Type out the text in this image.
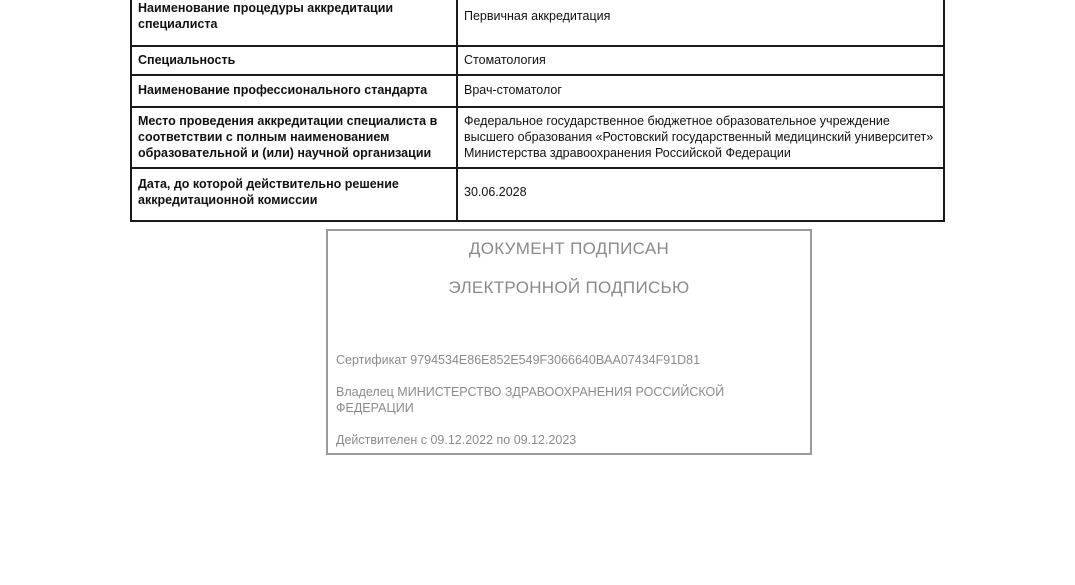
Наименование процедуры аккредитации специалиста	Первичная аккредитация
Специальность	Стоматология
Наименование профессионального стандарта	Врач-стоматолог
Место проведения аккредитации специалиста в соответствии с полным наименованием образовательной и (или) научной организации	Федеральное государственное бюджетное образовательное учреждение высшего образования «Ростовский государственный медицинский университет» Министерства здравоохранения Российской Федерации
Дата, до которой действительно решение аккредитационной комиссии	30.06.2028
ДОКУМЕНТ ПОДПИСАН
ЭЛЕКТРОННОЙ ПОДПИСЬЮ
Сертификат 9794534E86E852E549F3066640BAA07434F91D81
Владелец МИНИСТЕРСТВО ЗДРАВООХРАНЕНИЯ РОССИЙСКОЙ ФЕДЕРАЦИИ
Действителен с 09.12.2022 по 09.12.2023
